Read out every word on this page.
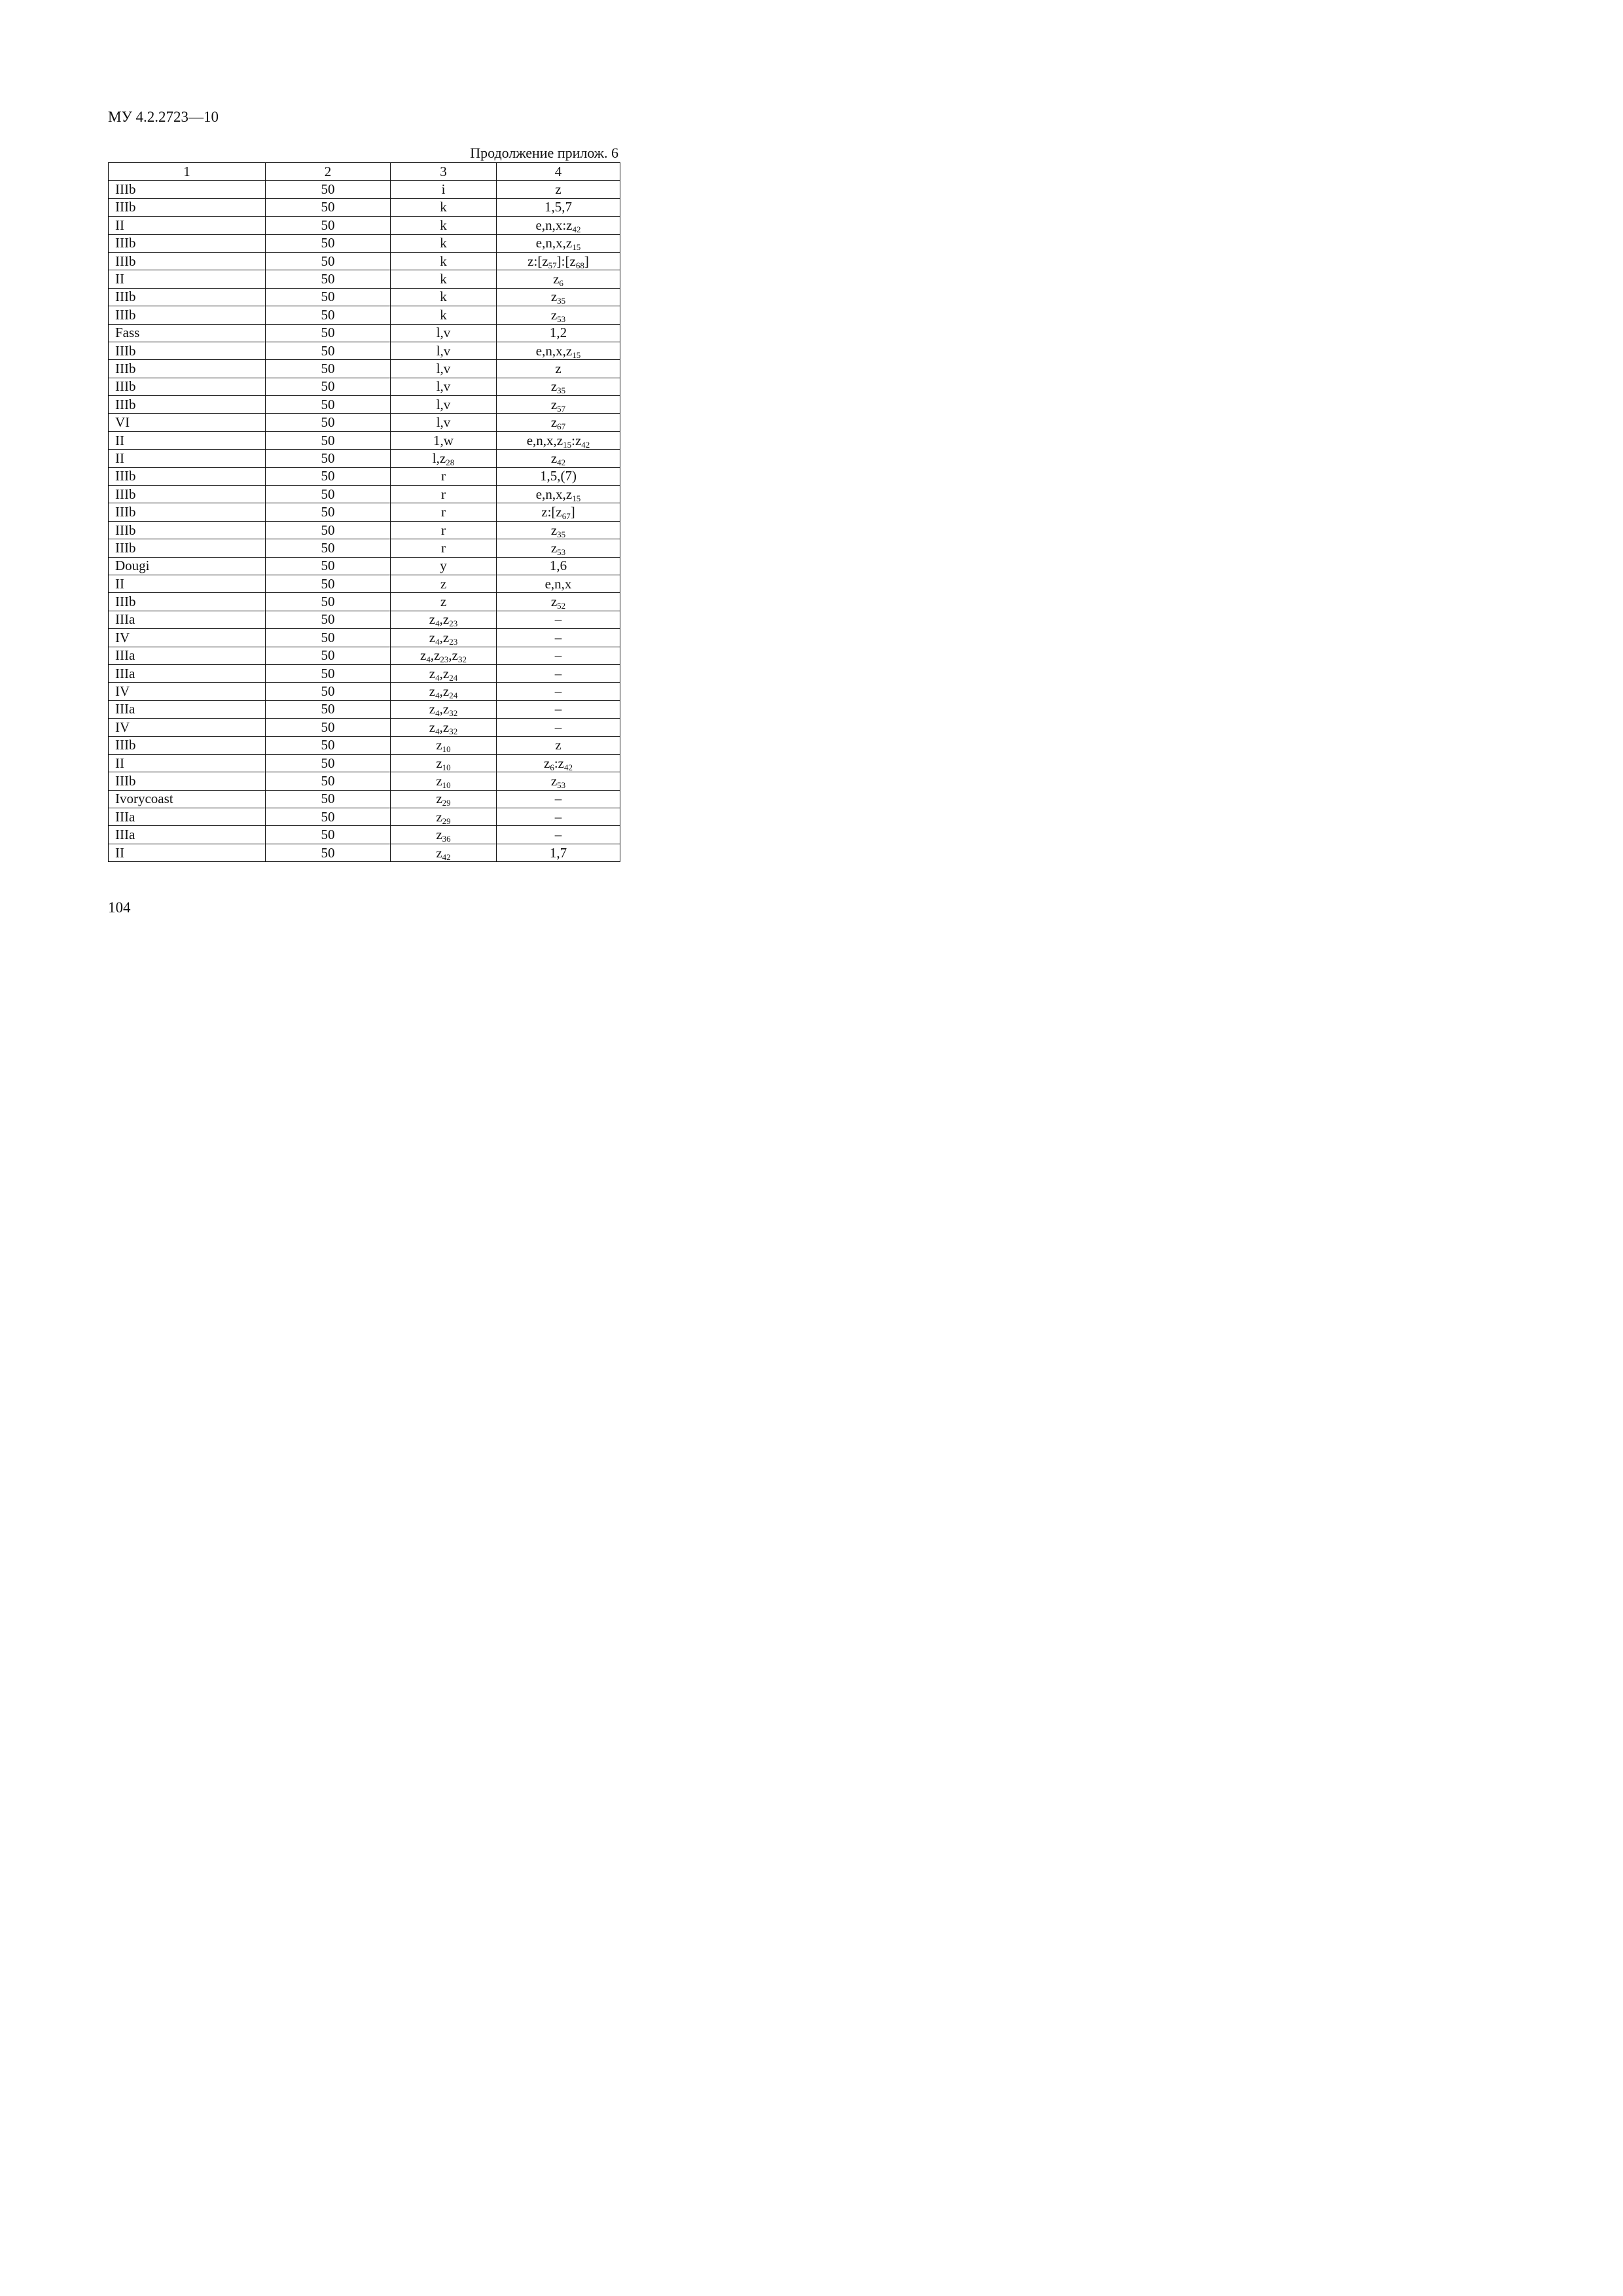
МУ 4.2.2723—10
Продолжение прилож. 6
1	2	3	4
IIIb	50	i	z
IIIb	50	k	1,5,7
II	50	k	$e,n,x:z_{42}$
IIIb	50	k	$e,n,x,z_{15}$
IIIb	50	k	$z:[z_{57}]:[z_{68}]$
II	50	k	$z_6$
IIIb	50	k	$z_{35}$
IIIb	50	k	$z_{53}$
Fass	50	l,v	1,2
IIIb	50	l,v	$e,n,x,z_{15}$
IIIb	50	l,v	z
IIIb	50	l,v	$z_{35}$
IIIb	50	l,v	$z_{57}$
VI	50	l,v	$z_{67}$
II	50	1,w	$e,n,x,z_{15}:z_{42}$
II	50	$l,z_{28}$	$z_{42}$
IIIb	50	r	1,5,(7)
IIIb	50	r	$e,n,x,z_{15}$
IIIb	50	r	$z:[z_{67}]$
IIIb	50	r	$z_{35}$
IIIb	50	r	$z_{53}$
Dougi	50	y	1,6
II	50	z	e,n,x
IIIb	50	z	$z_{52}$
IIIa	50	$z_4,z_{23}$	–
IV	50	$z_4,z_{23}$	–
IIIa	50	$z_4,z_{23},z_{32}$	–
IIIa	50	$z_4,z_{24}$	–
IV	50	$z_4,z_{24}$	–
IIIa	50	$z_4,z_{32}$	–
IV	50	$z_4,z_{32}$	–
IIIb	50	$z_{10}$	z
II	50	$z_{10}$	$z_6:z_{42}$
IIIb	50	$z_{10}$	$z_{53}$
Ivorycoast	50	$z_{29}$	–
IIIa	50	$z_{29}$	–
IIIa	50	$z_{36}$	–
II	50	$z_{42}$	1,7
104
